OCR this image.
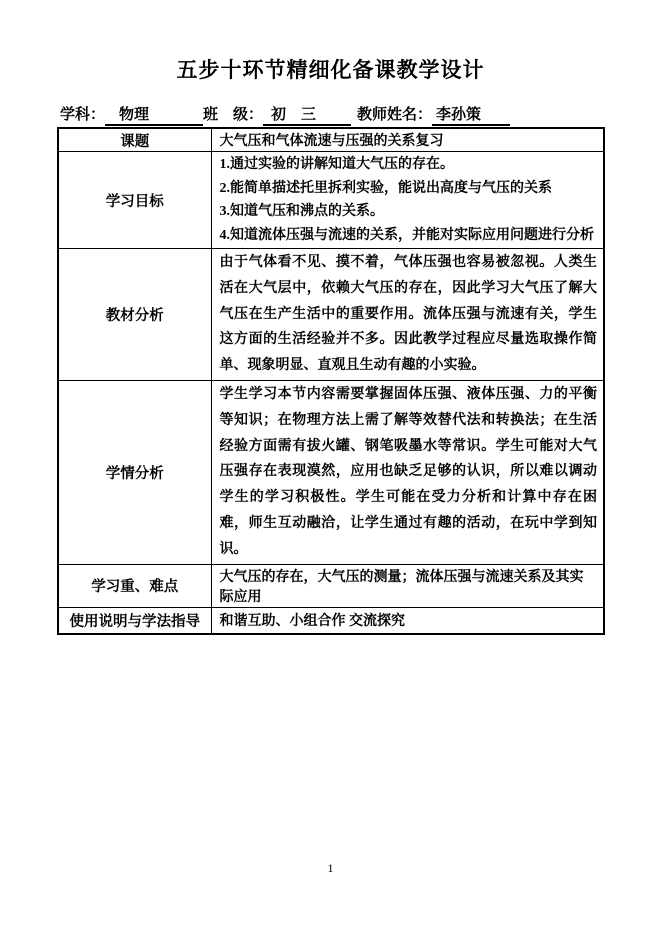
五步十环节精细化备课教学设计
学科： 物理	班　级： 初　三	教师姓名： 李孙策
课题	大气压和气体流速与压强的关系复习
学习目标	1.通过实验的讲解知道大气压的存在。
2.能简单描述托里拆利实验，能说出高度与气压的关系
3.知道气压和沸点的关系。
4.知道流体压强与流速的关系，并能对实际应用问题进行分析

教材分析	由于气体看不见、摸不着，气体压强也容易被忽视。人类生活在大气层中，依赖大气压的存在，因此学习大气压了解大气压在生产生活中的重要作用。流体压强与流速有关，学生这方面的生活经验并不多。因此教学过程应尽量选取操作简单、现象明显、直观且生动有趣的小实验。

学情分析	学生学习本节内容需要掌握固体压强、液体压强、力的平衡等知识；在物理方法上需了解等效替代法和转换法；在生活经验方面需有拔火罐、钢笔吸墨水等常识。学生可能对大气压强存在表现漠然，应用也缺乏足够的认识，所以难以调动学生的学习积极性。学生可能在受力分析和计算中存在困难，师生互动融洽，让学生通过有趣的活动，在玩中学到知识。

学习重、难点	大气压的存在，大气压的测量；流体压强与流速关系及其实际应用
使用说明与学法指导	和谐互助、小组合作 交流探究
1
